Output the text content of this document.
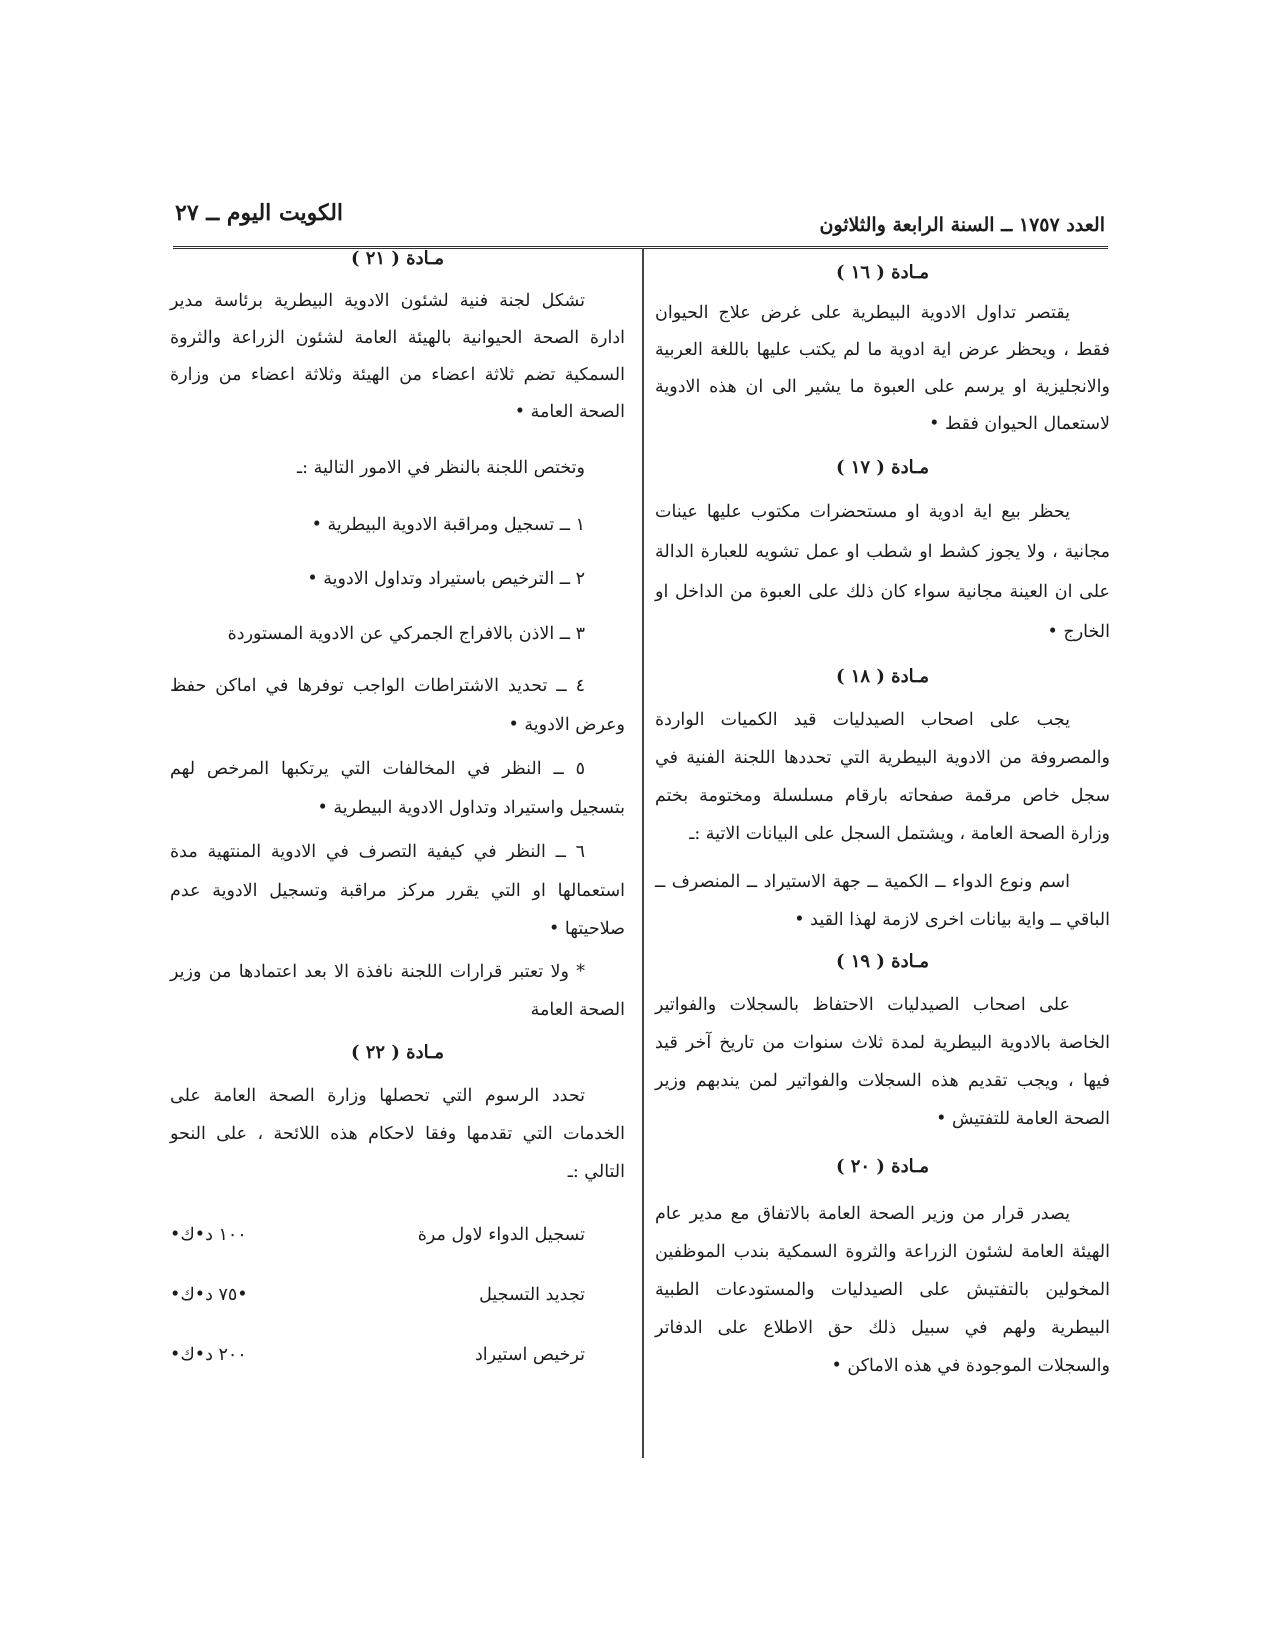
الكويت اليوم ــ ٢٧	العدد ١٧٥٧ ــ السنة الرابعة والثلاثون

مـادة ( ١٦ )

يقتصر تداول الادوية البيطرية على غرض علاج الحيوان فقط ، ويحظر عرض اية ادوية ما لم يكتب عليها باللغة العربية والانجليزية او يرسم على العبوة ما يشير الى ان هذه الادوية لاستعمال الحيوان فقط •

مـادة ( ١٧ )

يحظر بيع اية ادوية او مستحضرات مكتوب عليها عينات مجانية ، ولا يجوز كشط او شطب او عمل تشويه للعبارة الدالة على ان العينة مجانية سواء كان ذلك على العبوة من الداخل او الخارج •

مـادة ( ١٨ )

يجب على اصحاب الصيدليات قيد الكميات الواردة والمصروفة من الادوية البيطرية التي تحددها اللجنة الفنية في سجل خاص مرقمة صفحاته بارقام مسلسلة ومختومة بختم وزارة الصحة العامة ، ويشتمل السجل على البيانات الاتية :ـ

اسم ونوع الدواء ــ الكمية ــ جهة الاستيراد ــ المنصرف ــ الباقي ــ واية بيانات اخرى لازمة لهذا القيد •

مـادة ( ١٩ )

على اصحاب الصيدليات الاحتفاظ بالسجلات والفواتير الخاصة بالادوية البيطرية لمدة ثلاث سنوات من تاريخ آخر قيد فيها ، ويجب تقديم هذه السجلات والفواتير لمن يندبهم وزير الصحة العامة للتفتيش •

مـادة ( ٢٠ )

يصدر قرار من وزير الصحة العامة بالاتفاق مع مدير عام الهيئة العامة لشئون الزراعة والثروة السمكية بندب الموظفين المخولين بالتفتيش على الصيدليات والمستودعات الطبية البيطرية ولهم في سبيل ذلك حق الاطلاع على الدفاتر والسجلات الموجودة في هذه الاماكن •

مـادة ( ٢١ )

تشكل لجنة فنية لشئون الادوية البيطرية برئاسة مدير ادارة الصحة الحيوانية بالهيئة العامة لشئون الزراعة والثروة السمكية تضم ثلاثة اعضاء من الهيئة وثلاثة اعضاء من وزارة الصحة العامة •

وتختص اللجنة بالنظر في الامور التالية :ـ

١ ــ تسجيل ومراقبة الادوية البيطرية •

٢ ــ الترخيص باستيراد وتداول الادوية •

٣ ــ الاذن بالافراج الجمركي عن الادوية المستوردة

٤ ــ تحديد الاشتراطات الواجب توفرها في اماكن حفظ وعرض الادوية •

٥ ــ النظر في المخالفات التي يرتكبها المرخص لهم بتسجيل واستيراد وتداول الادوية البيطرية •

٦ ــ النظر في كيفية التصرف في الادوية المنتهية مدة استعمالها او التي يقرر مركز مراقبة وتسجيل الادوية عدم صلاحيتها •

* ولا تعتبر قرارات اللجنة نافذة الا بعد اعتمادها من وزير الصحة العامة

مـادة ( ٢٢ )

تحدد الرسوم التي تحصلها وزارة الصحة العامة على الخدمات التي تقدمها وفقا لاحكام هذه اللائحة ، على النحو التالي :ـ

تسجيل الدواء لاول مرة
١٠٠ د•ك•
تجديد التسجيل
•٧٥ د•ك•
ترخيص استيراد
٢٠٠ د•ك•
